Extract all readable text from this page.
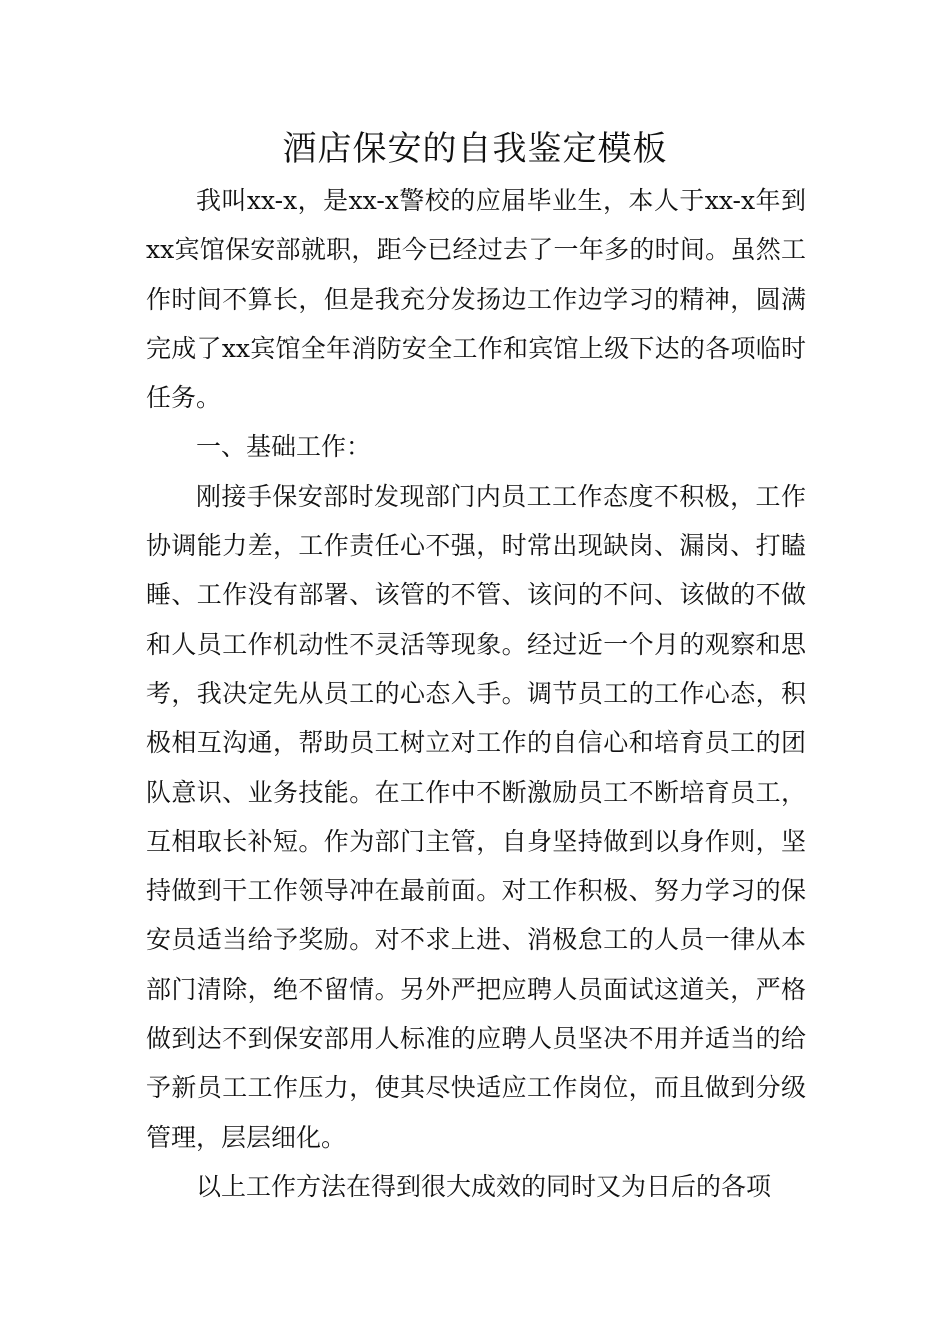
酒店保安的自我鉴定模板

我叫xx-x，是xx-x警校的应届毕业生，本人于xx-x年到xx宾馆保安部就职，距今已经过去了一年多的时间。虽然工作时间不算长，但是我充分发扬边工作边学习的精神，圆满完成了xx宾馆全年消防安全工作和宾馆上级下达的各项临时任务。

一、基础工作：

刚接手保安部时发现部门内员工工作态度不积极，工作协调能力差，工作责任心不强，时常出现缺岗、漏岗、打瞌睡、工作没有部署、该管的不管、该问的不问、该做的不做和人员工作机动性不灵活等现象。经过近一个月的观察和思考，我决定先从员工的心态入手。调节员工的工作心态，积极相互沟通，帮助员工树立对工作的自信心和培育员工的团队意识、业务技能。在工作中不断激励员工不断培育员工，互相取长补短。作为部门主管，自身坚持做到以身作则，坚持做到干工作领导冲在最前面。对工作积极、努力学习的保安员适当给予奖励。对不求上进、消极怠工的人员一律从本部门清除，绝不留情。另外严把应聘人员面试这道关，严格做到达不到保安部用人标准的应聘人员坚决不用并适当的给予新员工工作压力，使其尽快适应工作岗位，而且做到分级管理，层层细化。

以上工作方法在得到很大成效的同时又为日后的各项
